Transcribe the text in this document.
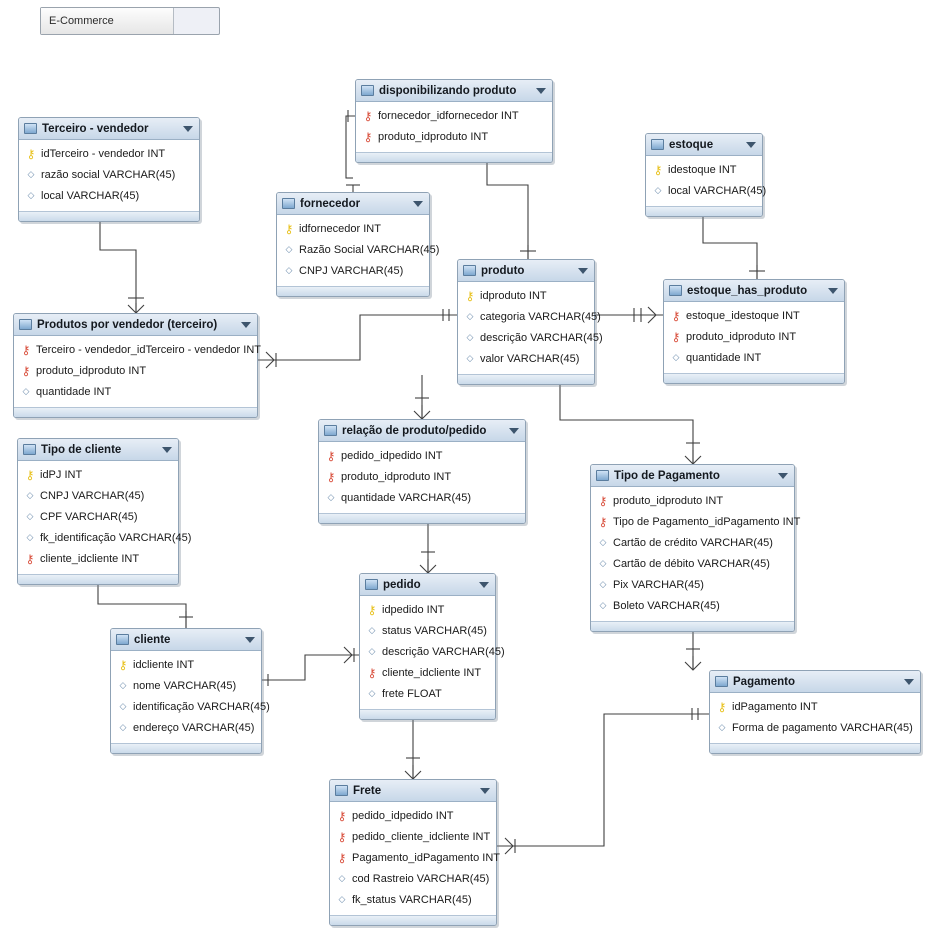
E-Commerce
Terceiro - vendedor
⚷ idTerceiro - vendedor INT
◇ razão social VARCHAR(45)
◇ local VARCHAR(45)
disponibilizando produto
⚷ fornecedor_idfornecedor INT
⚷ produto_idproduto INT
estoque
⚷ idestoque INT
◇ local VARCHAR(45)
fornecedor
⚷ idfornecedor INT
◇ Razão Social VARCHAR(45)
◇ CNPJ VARCHAR(45)	produto
⚷ idproduto INT
◇ categoria VARCHAR(45)
◇ descrição VARCHAR(45)
◇ valor VARCHAR(45)
estoque_has_produto
⚷ estoque_idestoque INT
⚷ produto_idproduto INT
◇ quantidade INT
Produtos por vendedor (terceiro)
⚷ Terceiro - vendedor_idTerceiro - vendedor INT
⚷ produto_idproduto INT
◇ quantidade INT
relação de produto/pedido
⚷ pedido_idpedido INT
⚷ produto_idproduto INT
◇ quantidade VARCHAR(45)
Tipo de cliente
⚷ idPJ INT
◇ CNPJ VARCHAR(45)
◇ CPF VARCHAR(45)
◇ fk_identificação VARCHAR(45)
⚷ cliente_idcliente INT
Tipo de Pagamento
⚷ produto_idproduto INT
⚷ Tipo de Pagamento_idPagamento INT
◇ Cartão de crédito VARCHAR(45)
◇ Cartão de débito VARCHAR(45)
◇ Pix VARCHAR(45)
◇ Boleto VARCHAR(45)
pedido
⚷ idpedido INT
◇ status VARCHAR(45)
◇ descrição VARCHAR(45)
⚷ cliente_idcliente INT
◇ frete FLOAT
cliente
⚷ idcliente INT
◇ nome VARCHAR(45)
◇ identificação VARCHAR(45)
◇ endereço VARCHAR(45)
Pagamento
⚷ idPagamento INT
◇ Forma de pagamento VARCHAR(45)
Frete
⚷ pedido_idpedido INT
⚷ pedido_cliente_idcliente INT
⚷ Pagamento_idPagamento INT
◇ cod Rastreio VARCHAR(45)
◇ fk_status VARCHAR(45)
